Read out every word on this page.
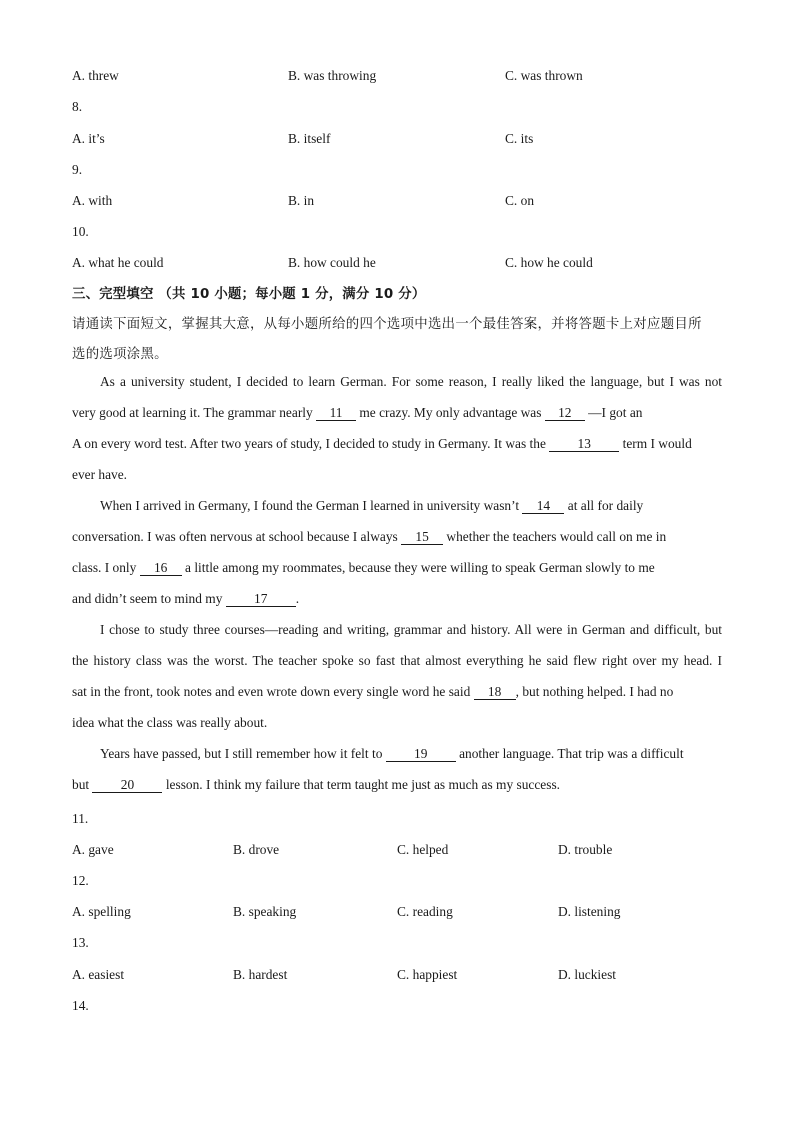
A. threw	B. was throwing	C. was thrown
8.
A. it’s	B. itself	C. its
9.
A. with	B. in	C. on
10.
A. what he could	B. how could he	C. how he could
三、完型填空 （共 10 小题；每小题 1 分，满分 10 分）
请通读下面短文，掌握其大意，从每小题所给的四个选项中选出一个最佳答案，并将答题卡上对应题目所
选的选项涂黑。
As a university student, I decided to learn German. For some reason, I really liked the language, but I was not
very good at learning it. The grammar nearly 11 me crazy. My only advantage was 12 —I got an
A on every word test. After two years of study, I decided to study in Germany. It was the 13 term I would
ever have.
When I arrived in Germany, I found the German I learned in university wasn’t 14 at all for daily
conversation. I was often nervous at school because I always 15 whether the teachers would call on me in
class. I only 16 a little among my roommates, because they were willing to speak German slowly to me
and didn’t seem to mind my 17 .
I chose to study three courses—reading and writing, grammar and history. All were in German and difficult, but
the history class was the worst. The teacher spoke so fast that almost everything he said flew right over my head. I
sat in the front, took notes and even wrote down every single word he said 18 , but nothing helped. I had no
idea what the class was really about.
Years have passed, but I still remember how it felt to 19 another language. That trip was a difficult
but 20 lesson. I think my failure that term taught me just as much as my success.
11.
A. gave	B. drove	C. helped	D. trouble
12.
A. spelling	B. speaking	C. reading	D. listening
13.
A. easiest	B. hardest	C. happiest	D. luckiest
14.
